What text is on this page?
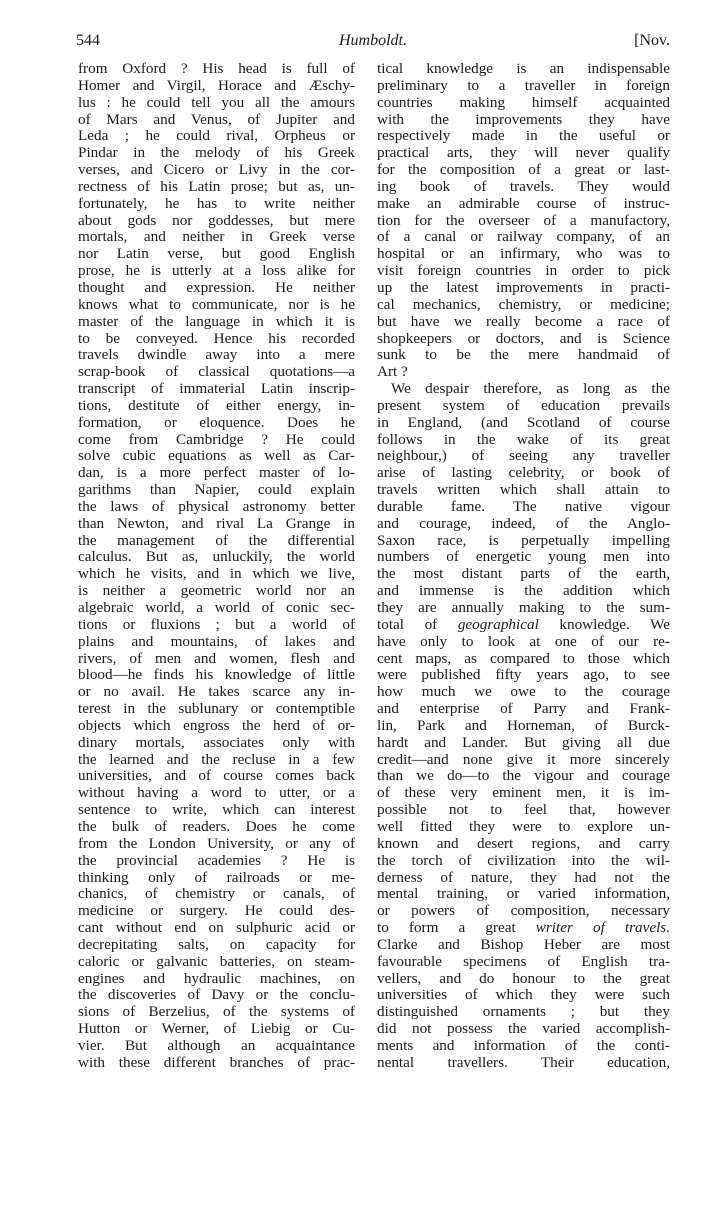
544	Humboldt.	[Nov.
from Oxford ? His head is full of
Homer and Virgil, Horace and Æschy-
lus : he could tell you all the amours
of Mars and Venus, of Jupiter and
Leda ; he could rival, Orpheus or
Pindar in the melody of his Greek
verses, and Cicero or Livy in the cor-
rectness of his Latin prose; but as, un-
fortunately, he has to write neither
about gods nor goddesses, but mere
mortals, and neither in Greek verse
nor Latin verse, but good English
prose, he is utterly at a loss alike for
thought and expression. He neither
knows what to communicate, nor is he
master of the language in which it is
to be conveyed. Hence his recorded
travels dwindle away into a mere
scrap-book of classical quotations—a
transcript of immaterial Latin inscrip-
tions, destitute of either energy, in-
formation, or eloquence. Does he
come from Cambridge ? He could
solve cubic equations as well as Car-
dan, is a more perfect master of lo-
garithms than Napier, could explain
the laws of physical astronomy better
than Newton, and rival La Grange in
the management of the differential
calculus. But as, unluckily, the world
which he visits, and in which we live,
is neither a geometric world nor an
algebraic world, a world of conic sec-
tions or fluxions ; but a world of
plains and mountains, of lakes and
rivers, of men and women, flesh and
blood—he finds his knowledge of little
or no avail. He takes scarce any in-
terest in the sublunary or contemptible
objects which engross the herd of or-
dinary mortals, associates only with
the learned and the recluse in a few
universities, and of course comes back
without having a word to utter, or a
sentence to write, which can interest
the bulk of readers. Does he come
from the London University, or any of
the provincial academies ? He is
thinking only of railroads or me-
chanics, of chemistry or canals, of
medicine or surgery. He could des-
cant without end on sulphuric acid or
decrepitating salts, on capacity for
caloric or galvanic batteries, on steam-
engines and hydraulic machines, on
the discoveries of Davy or the conclu-
sions of Berzelius, of the systems of
Hutton or Werner, of Liebig or Cu-
vier. But although an acquaintance
with these different branches of prac-
tical knowledge is an indispensable
preliminary to a traveller in foreign
countries making himself acquainted
with the improvements they have
respectively made in the useful or
practical arts, they will never qualify
for the composition of a great or last-
ing book of travels. They would
make an admirable course of instruc-
tion for the overseer of a manufactory,
of a canal or railway company, of an
hospital or an infirmary, who was to
visit foreign countries in order to pick
up the latest improvements in practi-
cal mechanics, chemistry, or medicine;
but have we really become a race of
shopkeepers or doctors, and is Science
sunk to be the mere handmaid of
Art ?
We despair therefore, as long as the
present system of education prevails
in England, (and Scotland of course
follows in the wake of its great
neighbour,) of seeing any traveller
arise of lasting celebrity, or book of
travels written which shall attain to
durable fame. The native vigour
and courage, indeed, of the Anglo-
Saxon race, is perpetually impelling
numbers of energetic young men into
the most distant parts of the earth,
and immense is the addition which
they are annually making to the sum-
total of geographical knowledge. We
have only to look at one of our re-
cent maps, as compared to those which
were published fifty years ago, to see
how much we owe to the courage
and enterprise of Parry and Frank-
lin, Park and Horneman, of Burck-
hardt and Lander. But giving all due
credit—and none give it more sincerely
than we do—to the vigour and courage
of these very eminent men, it is im-
possible not to feel that, however
well fitted they were to explore un-
known and desert regions, and carry
the torch of civilization into the wil-
derness of nature, they had not the
mental training, or varied information,
or powers of composition, necessary
to form a great writer of travels.
Clarke and Bishop Heber are most
favourable specimens of English tra-
vellers, and do honour to the great
universities of which they were such
distinguished ornaments ; but they
did not possess the varied accomplish-
ments and information of the conti-
nental travellers. Their education,
